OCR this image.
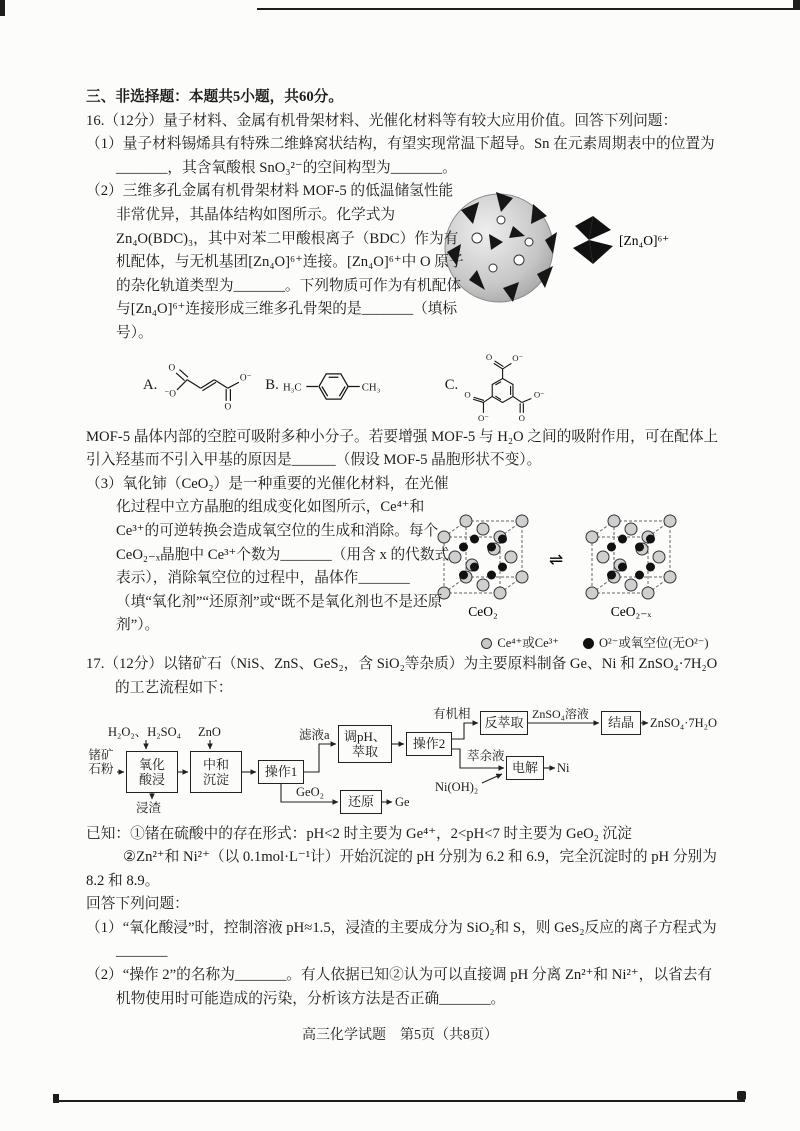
三、非选择题：本题共5小题，共60分。

16.（12分）量子材料、金属有机骨架材料、光催化材料等有较大应用价值。回答下列问题：

（1）量子材料锡烯具有特殊二维蜂窝状结构，有望实现常温下超导。Sn 在元素周期表中的位置为_______，其含氧酸根 SnO₃²⁻的空间构型为_______。

[Zn₄O]⁶⁺
（2）三维多孔金属有机骨架材料 MOF-5 的低温储氢性能非常优异，其晶体结构如图所示。化学式为 Zn₄O(BDC)₃，其中对苯二甲酸根离子（BDC）作为有机配体，与无机基团[Zn₄O]⁶⁺连接。[Zn₄O]⁶⁺中 O 原子的杂化轨道类型为_______。下列物质可作为有机配体与[Zn₄O]⁶⁺连接形成三维多孔骨架的是_______（填标号）。

A.
O
⁻O
O
O⁻ B. H₃C	CH₃	C.
O O⁻
O
O⁻	O
O⁻

MOF-5 晶体内部的空腔可吸附多种小分子。若要增强 MOF-5 与 H₂O 之间的吸附作用，可在配体上引入羟基而不引入甲基的原因是______（假设 MOF-5 晶胞形状不变）。

⇌
CeO₂	CeO₂₋ₓ
Ce⁴⁺或Ce³⁺	O²⁻或氧空位(无O²⁻)
（3）氧化铈（CeO₂）是一种重要的光催化材料，在光催化过程中立方晶胞的组成变化如图所示，Ce⁴⁺和 Ce³⁺的可逆转换会造成氧空位的生成和消除。每个 CeO₂₋ₓ晶胞中 Ce³⁺个数为_______（用含 x 的代数式表示），消除氧空位的过程中，晶体作_______（填“氧化剂”“还原剂”或“既不是氧化剂也不是还原剂”）。

17.（12分）以锗矿石（NiS、ZnS、GeS₂，含 SiO₂等杂质）为主要原料制备 Ge、Ni 和 ZnSO₄·7H₂O 的工艺流程如下：

H₂O₂、H₂SO₄
锗矿
石粉	氧化
酸浸
ZnO
中和
沉淀	操作1
浸渣
滤液a	调pH、
萃取	操作2
有机相
反萃取
ZnSO₄溶液
结晶	ZnSO₄·7H₂O
萃余液
电解	Ni
Ni(OH)₂
GeO₂
还原	Ge

已知：①锗在硫酸中的存在形式：pH<2 时主要为 Ge⁴⁺，2<pH<7 时主要为 GeO₂ 沉淀

②Zn²⁺和 Ni²⁺（以 0.1mol·L⁻¹计）开始沉淀的 pH 分别为 6.2 和 6.9，完全沉淀时的 pH 分别为 8.2 和 8.9。

回答下列问题：

（1）“氧化酸浸”时，控制溶液 pH≈1.5，浸渣的主要成分为 SiO₂和 S，则 GeS₂反应的离子方程式为_______

（2）“操作 2”的名称为_______。有人依据已知②认为可以直接调 pH 分离 Zn²⁺和 Ni²⁺，以省去有机物使用时可能造成的污染，分析该方法是否正确_______。

高三化学试题　第5页（共8页）
